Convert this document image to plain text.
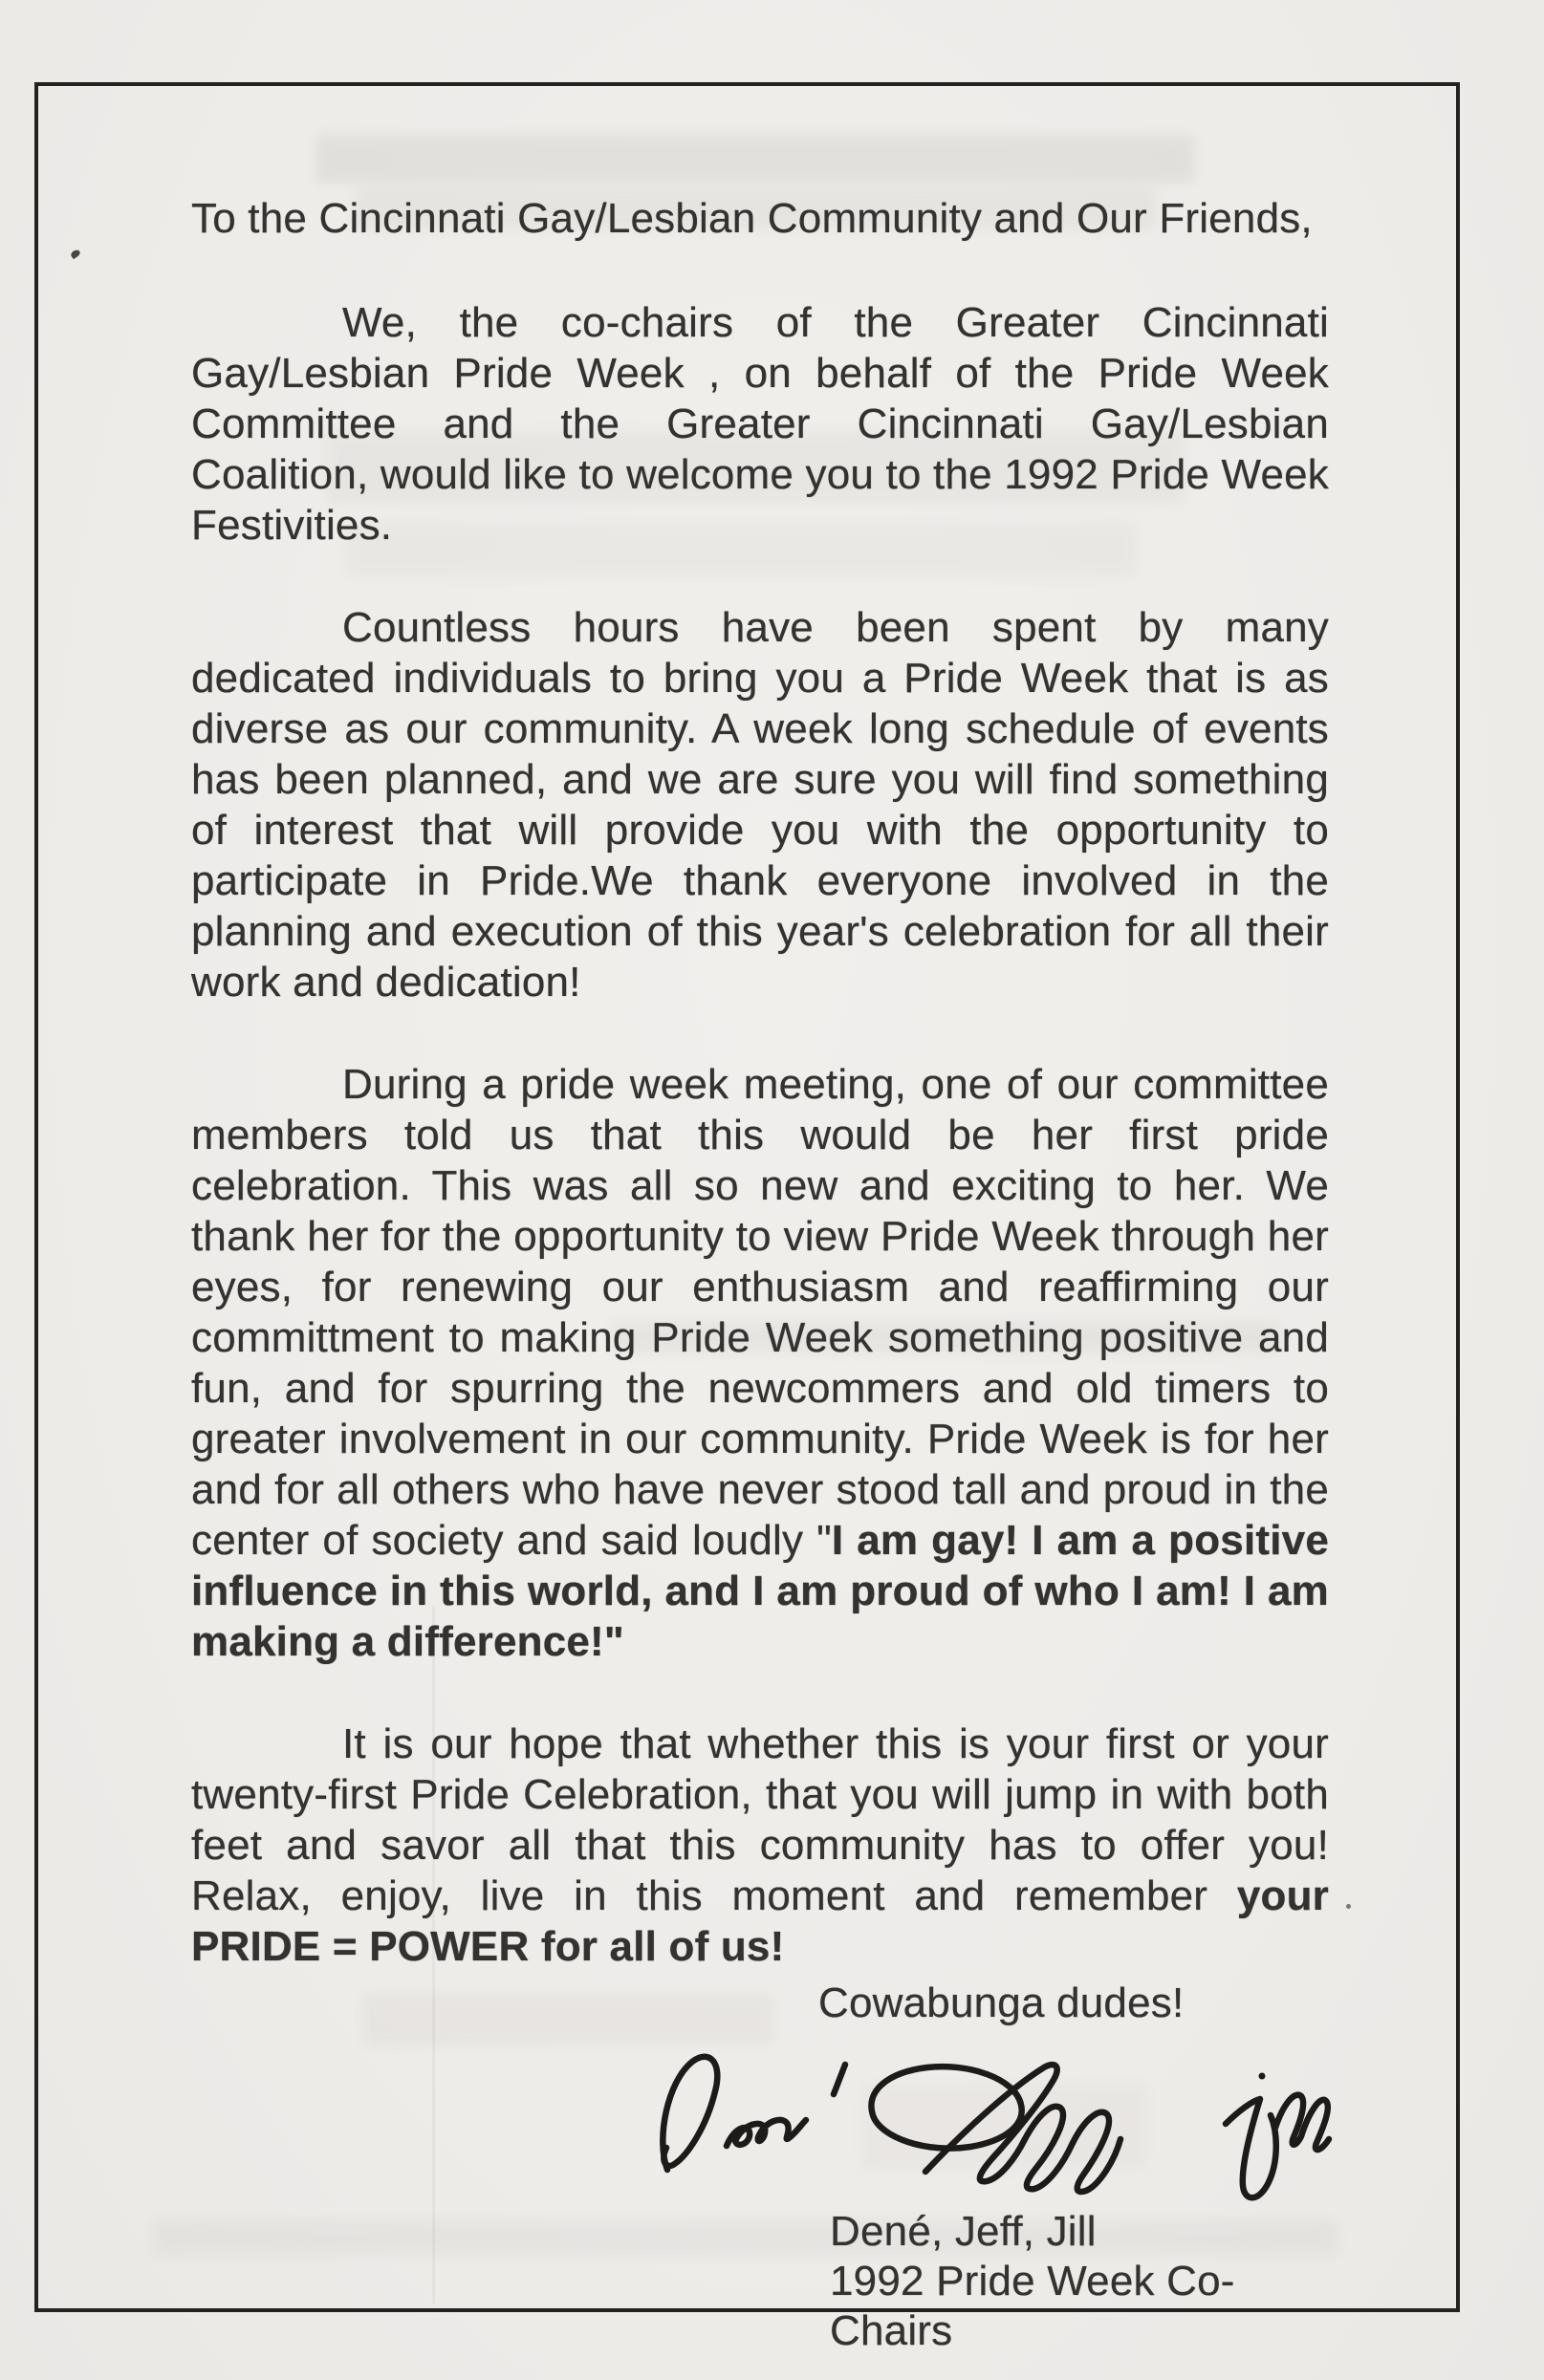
To the Cincinnati Gay/Lesbian Community and Our Friends,

We, the co-chairs of the Greater Cincinnati Gay/Lesbian Pride Week , on behalf of the Pride Week Committee and the Greater Cincinnati Gay/Lesbian Coalition, would like to welcome you to the 1992 Pride Week Festivities.

Countless hours have been spent by many dedicated individuals to bring you a Pride Week that is as diverse as our community. A week long schedule of events has been planned, and we are sure you will find something of interest that will provide you with the opportunity to participate in Pride.We thank everyone involved in the planning and execution of this year's celebration for all their work and dedication!

During a pride week meeting, one of our committee members told us that this would be her first pride celebration. This was all so new and exciting to her. We thank her for the opportunity to view Pride Week through her eyes, for renewing our enthusiasm and reaffirming our committment to making Pride Week something positive and fun, and for spurring the newcommers and old timers to greater involvement in our community. Pride Week is for her and for all others who have never stood tall and proud in the center of society and said loudly "I am gay! I am a positive influence in this world, and I am proud of who I am! I am making a difference!"

It is our hope that whether this is your first or your twenty-first Pride Celebration, that you will jump in with both feet and savor all that this community has to offer you! Relax, enjoy, live in this moment and remember your PRIDE = POWER for all of us!

Cowabunga dudes!

Dené, Jeff, Jill

1992 Pride Week Co-Chairs
